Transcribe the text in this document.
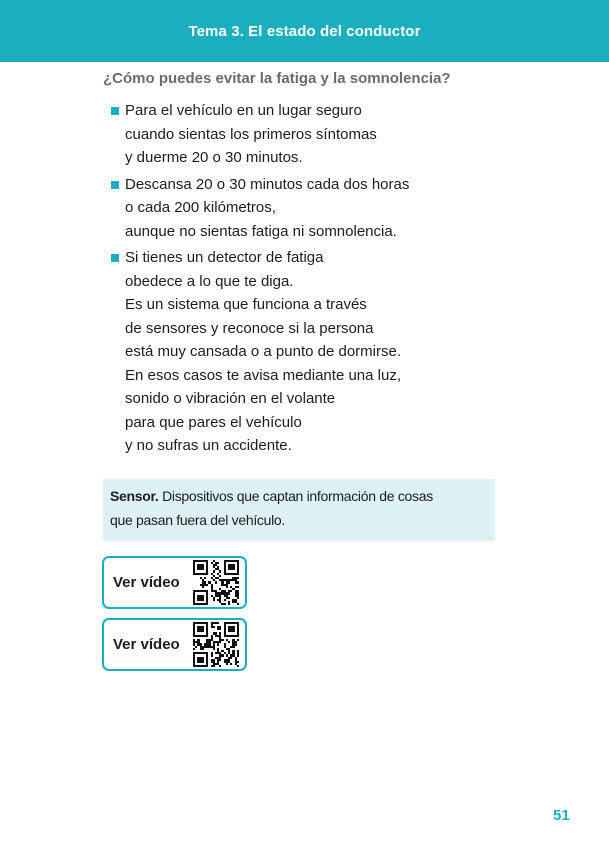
Tema 3. El estado del conductor
¿Cómo puedes evitar la fatiga y la somnolencia?
Para el vehículo en un lugar seguro
cuando sientas los primeros síntomas
y duerme 20 o 30 minutos.
Descansa 20 o 30 minutos cada dos horas
o cada 200 kilómetros,
aunque no sientas fatiga ni somnolencia.
Si tienes un detector de fatiga
obedece a lo que te diga.
Es un sistema que funciona a través
de sensores y reconoce si la persona
está muy cansada o a punto de dormirse.
En esos casos te avisa mediante una luz,
sonido o vibración en el volante
para que pares el vehículo
y no sufras un accidente.
Sensor. Dispositivos que captan información de cosas
que pasan fuera del vehículo.
Ver vídeo
Ver vídeo
51
